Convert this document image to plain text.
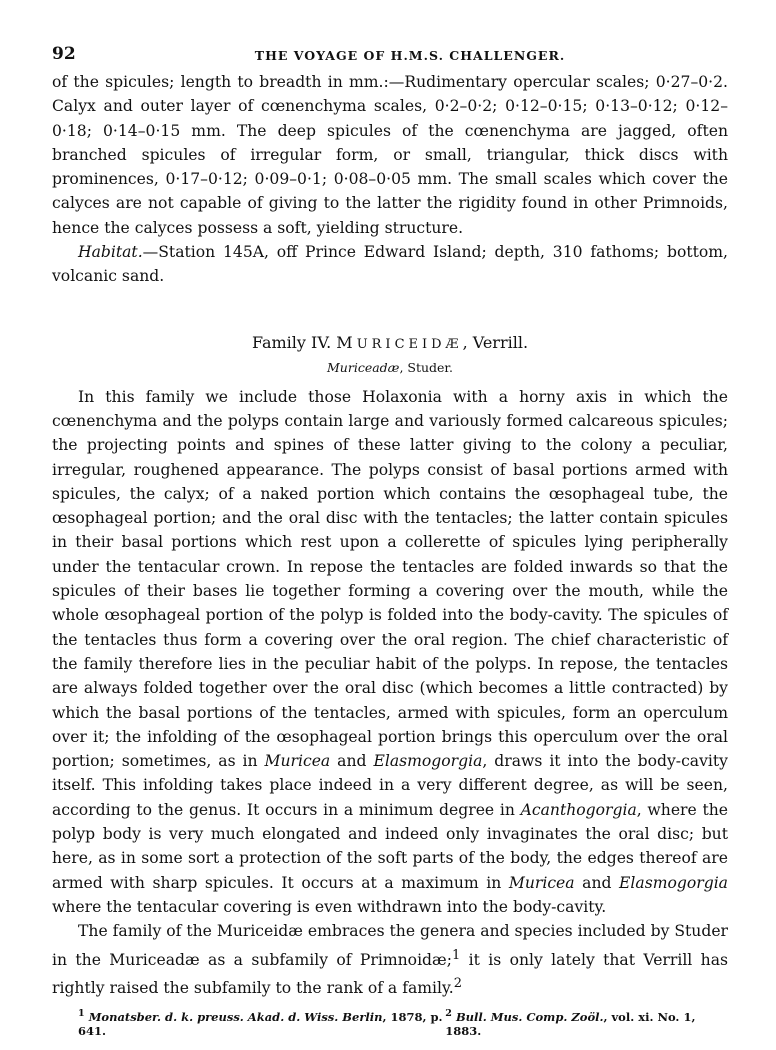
92	THE VOYAGE OF H.M.S. CHALLENGER.

of the spicules; length to breadth in mm.:—Rudimentary opercular scales; 0·27–0·2. Calyx and outer layer of cœnenchyma scales, 0·2–0·2; 0·12–0·15; 0·13–0·12; 0·12–0·18; 0·14–0·15 mm. The deep spicules of the cœnenchyma are jagged, often branched spicules of irregular form, or small, triangular, thick discs with prominences, 0·17–0·12; 0·09–0·1; 0·08–0·05 mm. The small scales which cover the calyces are not capable of giving to the latter the rigidity found in other Primnoids, hence the calyces possess a soft, yielding structure.

Habitat.—Station 145A, off Prince Edward Island; depth, 310 fathoms; bottom, volcanic sand.

Family IV. MURICEIDÆ, Verrill.
Muriceadæ, Studer.

In this family we include those Holaxonia with a horny axis in which the cœnenchyma and the polyps contain large and variously formed calcareous spicules; the projecting points and spines of these latter giving to the colony a peculiar, irregular, roughened appearance. The polyps consist of basal portions armed with spicules, the calyx; of a naked portion which contains the œsophageal tube, the œsophageal portion; and the oral disc with the tentacles; the latter contain spicules in their basal portions which rest upon a collerette of spicules lying peripherally under the tentacular crown. In repose the tentacles are folded inwards so that the spicules of their bases lie together forming a covering over the mouth, while the whole œsophageal portion of the polyp is folded into the body-cavity. The spicules of the tentacles thus form a covering over the oral region. The chief characteristic of the family therefore lies in the peculiar habit of the polyps. In repose, the tentacles are always folded together over the oral disc (which becomes a little contracted) by which the basal portions of the tentacles, armed with spicules, form an operculum over it; the infolding of the œsophageal portion brings this operculum over the oral portion; sometimes, as in Muricea and Elasmogorgia, draws it into the body-cavity itself. This infolding takes place indeed in a very different degree, as will be seen, according to the genus. It occurs in a minimum degree in Acanthogorgia, where the polyp body is very much elongated and indeed only invaginates the oral disc; but here, as in some sort a protection of the soft parts of the body, the edges thereof are armed with sharp spicules. It occurs at a maximum in Muricea and Elasmogorgia where the tentacular covering is even withdrawn into the body-cavity.

The family of the Muriceidæ embraces the genera and species included by Studer in the Muriceadæ as a subfamily of Primnoidæ;$^1$ it is only lately that Verrill has rightly raised the subfamily to the rank of a family.$^2$

$^1$ Monatsber. d. k. preuss. Akad. d. Wiss. Berlin, 1878, p. 641.
$^2$ Bull. Mus. Comp. Zoöl., vol. xi. No. 1, 1883.
